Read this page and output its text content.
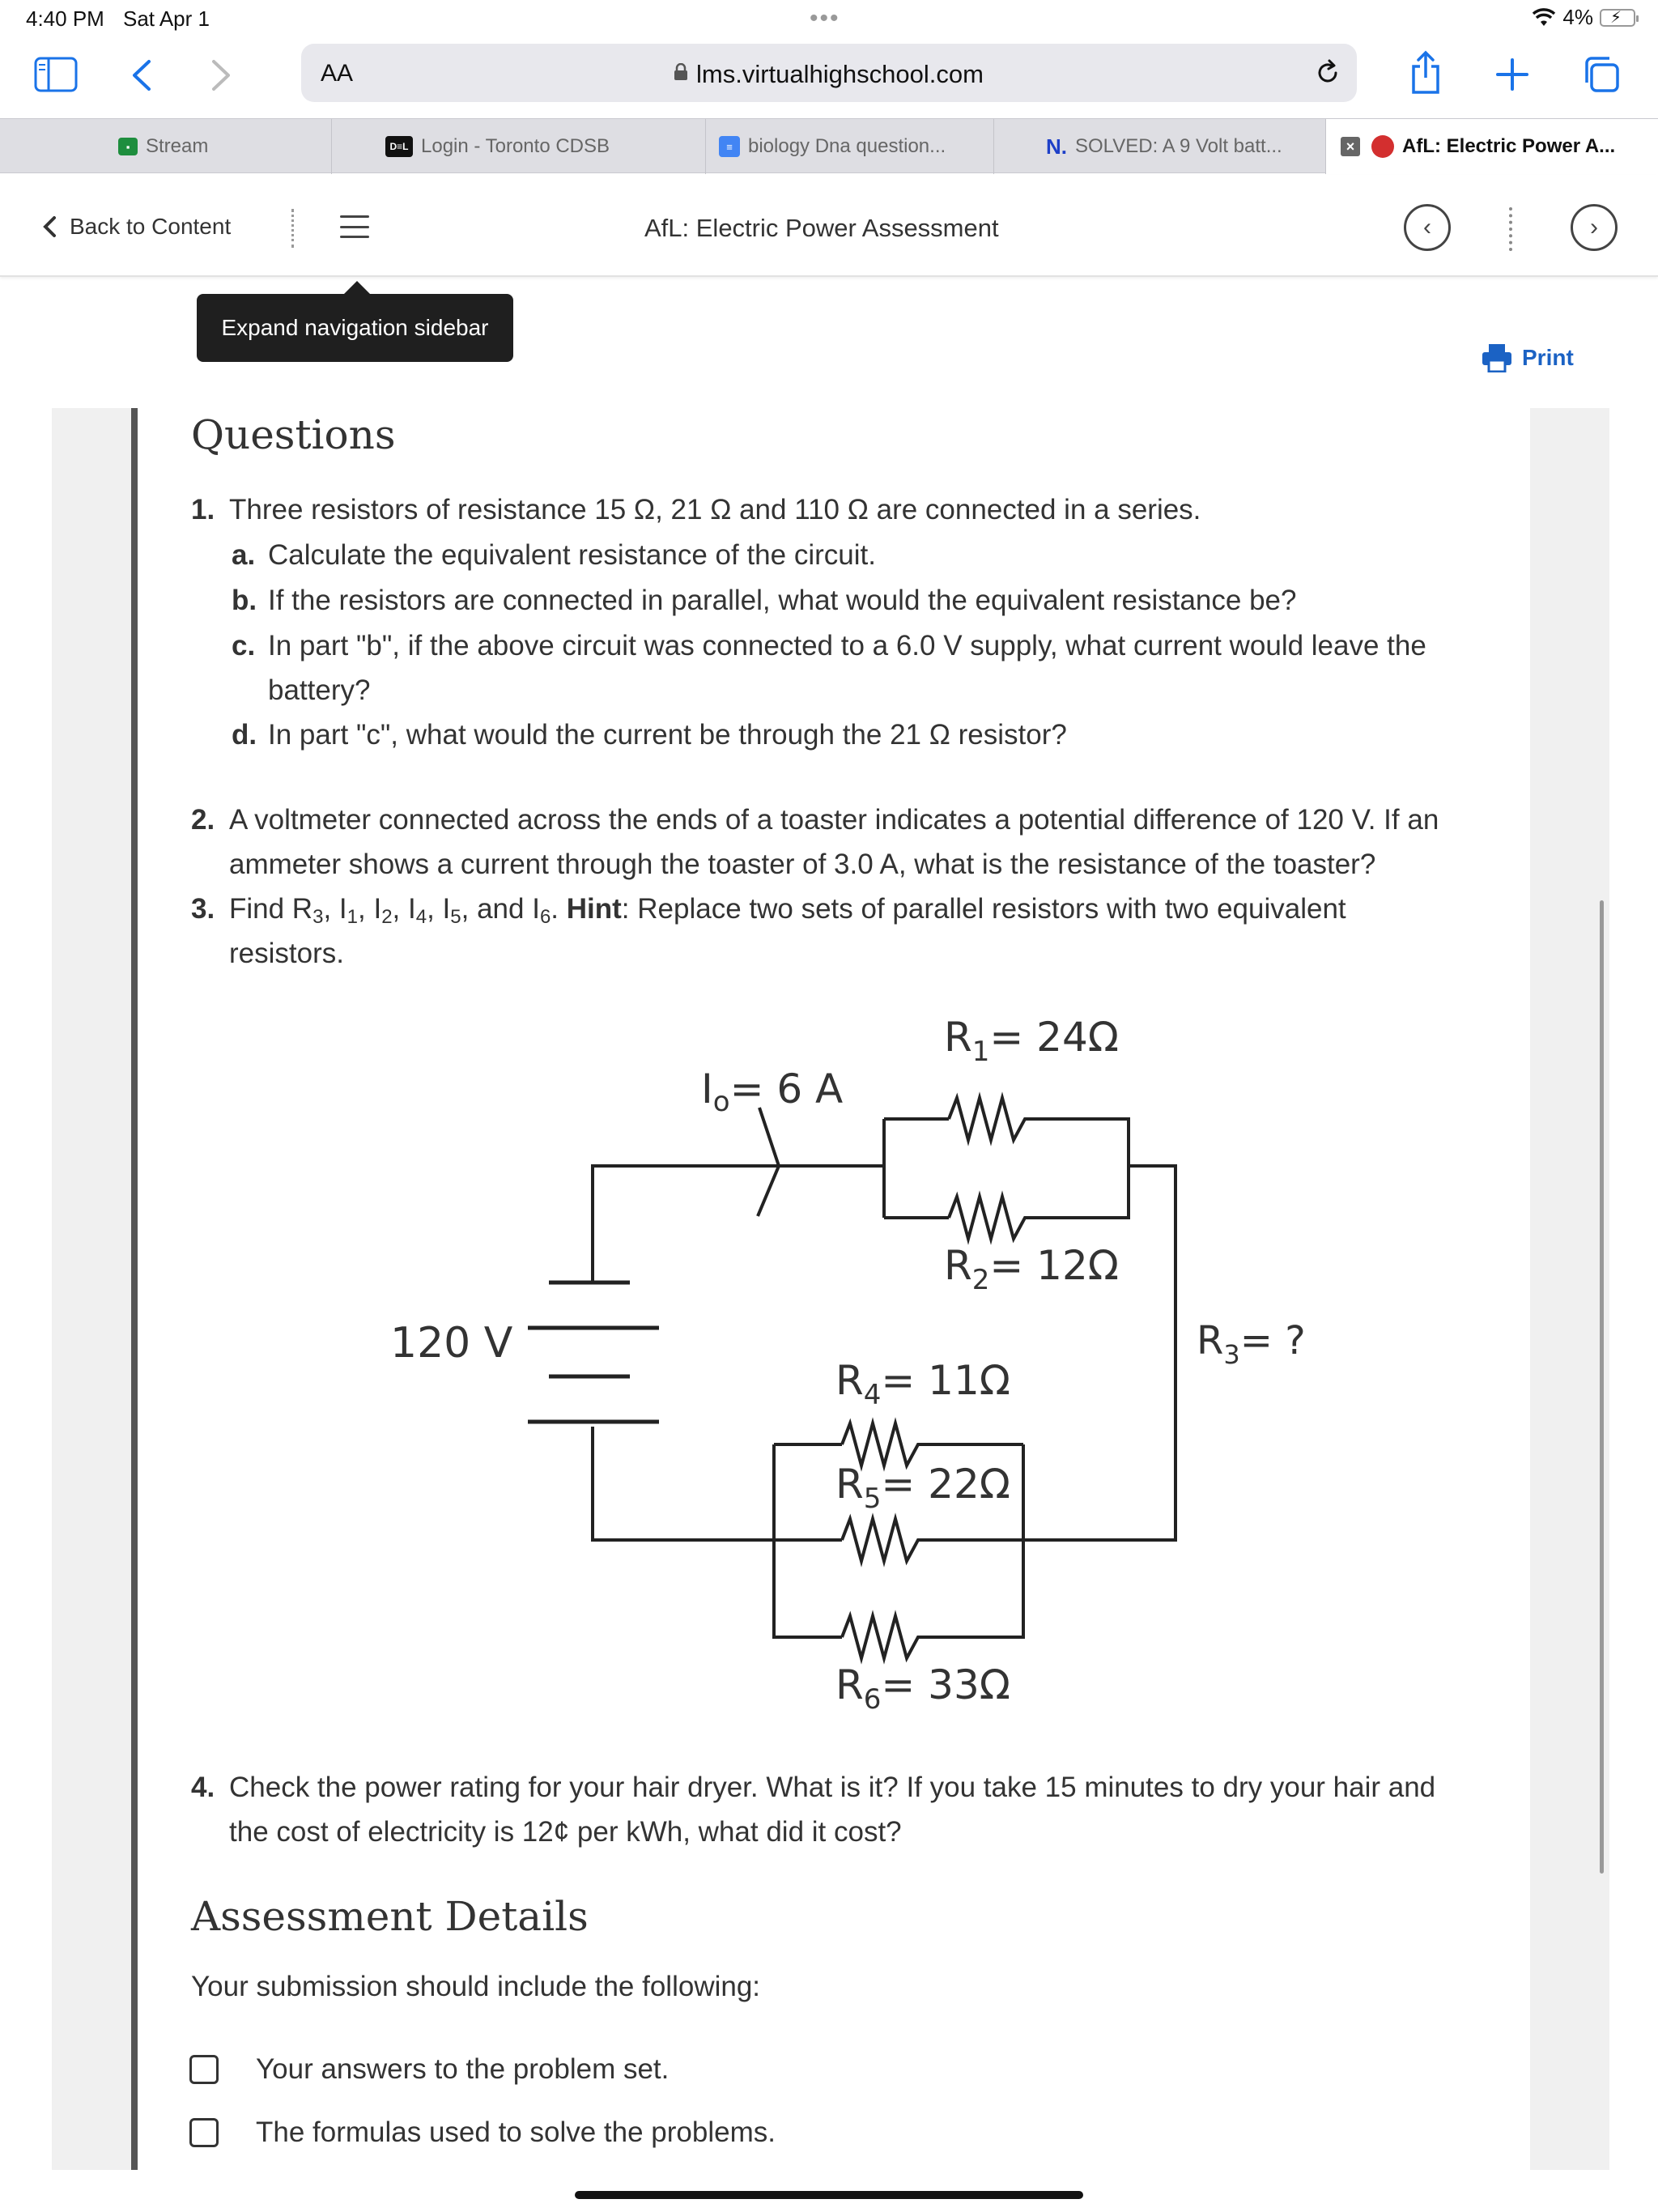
4:40 PM Sat Apr 1	•••	4% ⚡
AA	lms.virtualhighschool.com
▪ Stream	D≡L Login - Toronto CDSB	≡ biology Dna question...	N. SOLVED: A 9 Volt batt...	× AfL: Electric Power A...
Back to Content	AfL: Electric Power Assessment	‹	›
Expand navigation sidebar
Print
Questions
1. Three resistors of resistance 15 Ω, 21 Ω and 110 Ω are connected in a series.
a. Calculate the equivalent resistance of the circuit.
b. If the resistors are connected in parallel, what would the equivalent resistance be?
c. In part "b", if the above circuit was connected to a 6.0 V supply, what current would leave the
battery?
d. In part "c", what would the current be through the 21 Ω resistor?
2. A voltmeter connected across the ends of a toaster indicates a potential difference of 120 V. If an
ammeter shows a current through the toaster of 3.0 A, what is the resistance of the toaster?
3. Find $R_3$, $I_1$, $I_2$, $I_4$, $I_5$, and $I_6$. Hint: Replace two sets of parallel resistors with two equivalent
resistors.
120 V
$I_o= 6$ A
$R_1= 24\Omega$
$R_2= 12\Omega$
$R_3=$ ?
$R_4= 11\Omega$
$R_5= 22\Omega$
$R_6= 33\Omega$
4. Check the power rating for your hair dryer. What is it? If you take 15 minutes to dry your hair and
the cost of electricity is 12¢ per kWh, what did it cost?
Assessment Details
Your submission should include the following:
Your answers to the problem set.
The formulas used to solve the problems.
